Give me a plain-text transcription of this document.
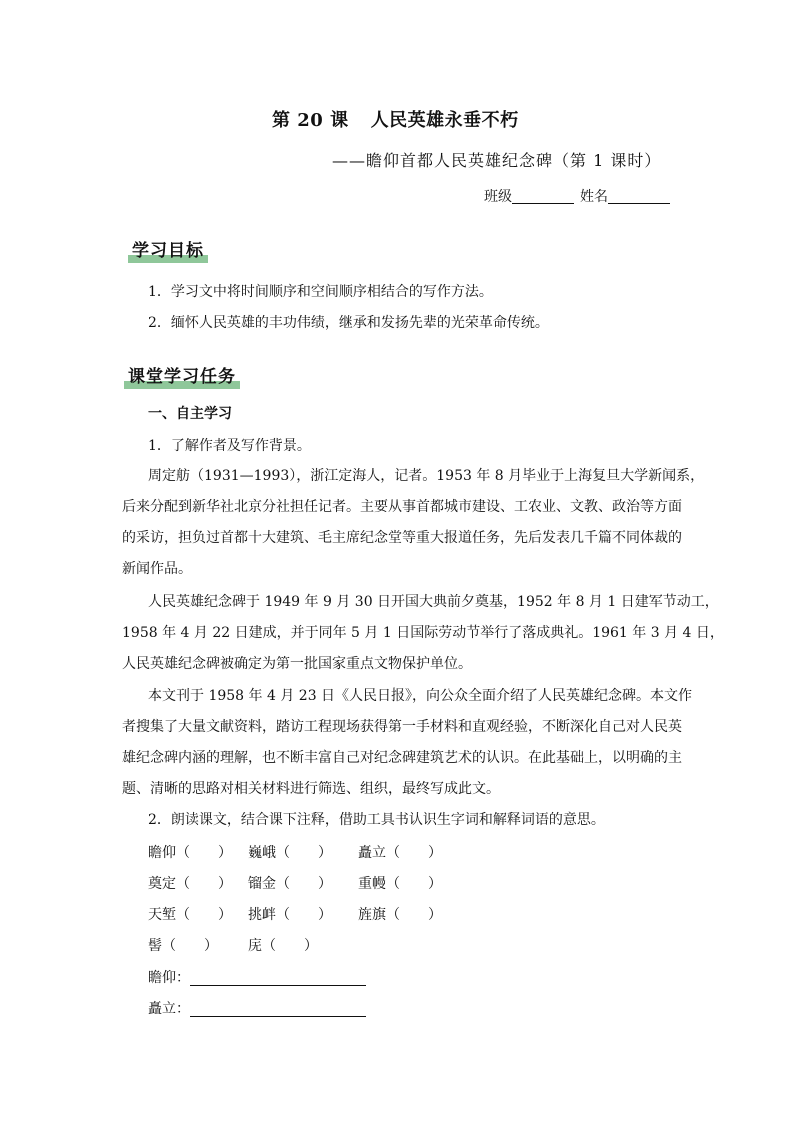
第 20 课 人民英雄永垂不朽
——瞻仰首都人民英雄纪念碑（第 1 课时）
班级	姓名
学习目标
1．学习文中将时间顺序和空间顺序相结合的写作方法。
2．缅怀人民英雄的丰功伟绩，继承和发扬先辈的光荣革命传统。
课堂学习任务
一、自主学习
1．了解作者及写作背景。
周定舫（1931—1993），浙江定海人，记者。1953 年 8 月毕业于上海复旦大学新闻系，
后来分配到新华社北京分社担任记者。主要从事首都城市建设、工农业、文教、政治等方面
的采访，担负过首都十大建筑、毛主席纪念堂等重大报道任务，先后发表几千篇不同体裁的
新闻作品。
人民英雄纪念碑于 1949 年 9 月 30 日开国大典前夕奠基，1952 年 8 月 1 日建军节动工，
1958 年 4 月 22 日建成，并于同年 5 月 1 日国际劳动节举行了落成典礼。1961 年 3 月 4 日，
人民英雄纪念碑被确定为第一批国家重点文物保护单位。
本文刊于 1958 年 4 月 23 日《人民日报》，向公众全面介绍了人民英雄纪念碑。本文作
者搜集了大量文献资料，踏访工程现场获得第一手材料和直观经验，不断深化自己对人民英
雄纪念碑内涵的理解，也不断丰富自己对纪念碑建筑艺术的认识。在此基础上，以明确的主
题、清晰的思路对相关材料进行筛选、组织，最终写成此文。
2．朗读课文，结合课下注释，借助工具书认识生字词和解释词语的意思。
瞻仰（　　） 巍峨（　　） 矗立（　　）
奠定（　　） 镏金（　　） 重幔（　　）
天堑（　　） 挑衅（　　） 旌旗（　　）
髻（　　） 庑（　　）
瞻仰：
矗立：
